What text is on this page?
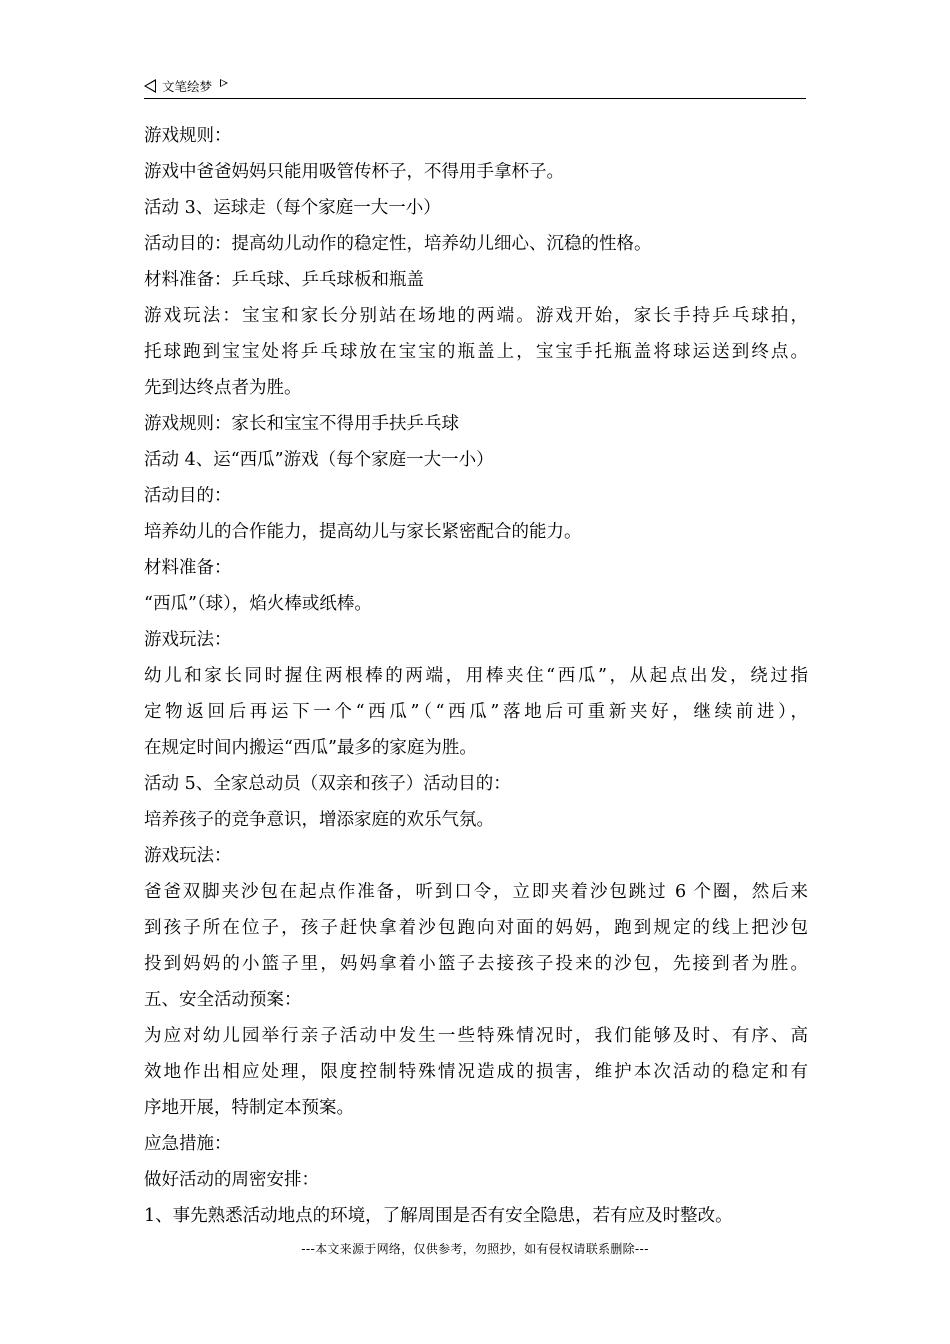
文笔绘梦
游戏规则：
游戏中爸爸妈妈只能用吸管传杯子，不得用手拿杯子。
活动 3、运球走（每个家庭一大一小）
活动目的：提高幼儿动作的稳定性，培养幼儿细心、沉稳的性格。
材料准备：乒乓球、乒乓球板和瓶盖
游戏玩法：宝宝和家长分别站在场地的两端。游戏开始，家长手持乒乓球拍，
托球跑到宝宝处将乒乓球放在宝宝的瓶盖上，宝宝手托瓶盖将球运送到终点。
先到达终点者为胜。
游戏规则：家长和宝宝不得用手扶乒乓球
活动 4、运“西瓜”游戏（每个家庭一大一小）
活动目的：
培养幼儿的合作能力，提高幼儿与家长紧密配合的能力。
材料准备：
“西瓜”（球），焰火棒或纸棒。
游戏玩法：
幼儿和家长同时握住两根棒的两端，用棒夹住“西瓜”，从起点出发，绕过指
定物返回后再运下一个“西瓜”（“西瓜”落地后可重新夹好，继续前进），
在规定时间内搬运“西瓜”最多的家庭为胜。
活动 5、全家总动员（双亲和孩子）活动目的：
培养孩子的竞争意识，增添家庭的欢乐气氛。
游戏玩法：
爸爸双脚夹沙包在起点作准备，听到口令，立即夹着沙包跳过 6 个圈，然后来
到孩子所在位子，孩子赶快拿着沙包跑向对面的妈妈，跑到规定的线上把沙包
投到妈妈的小篮子里，妈妈拿着小篮子去接孩子投来的沙包，先接到者为胜。
五、安全活动预案：
为应对幼儿园举行亲子活动中发生一些特殊情况时，我们能够及时、有序、高
效地作出相应处理，限度控制特殊情况造成的损害，维护本次活动的稳定和有
序地开展，特制定本预案。
应急措施：
做好活动的周密安排：
1、事先熟悉活动地点的环境，了解周围是否有安全隐患，若有应及时整改。
---本文来源于网络，仅供参考，勿照抄，如有侵权请联系删除---
